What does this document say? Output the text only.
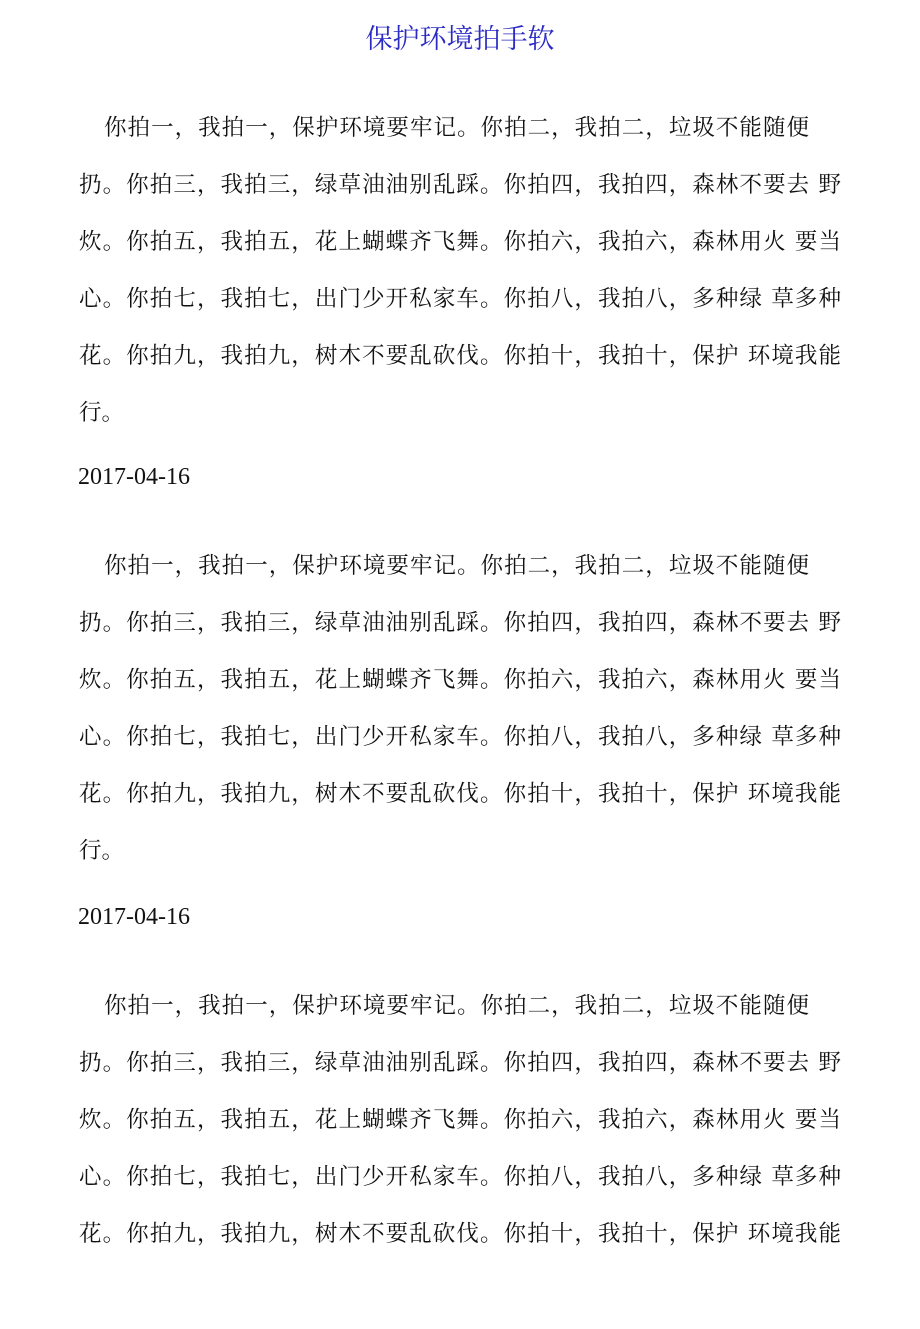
保护环境拍手软
你拍一，我拍一，保护环境要牢记。你拍二，我拍二，垃圾不能随便
扔。你拍三，我拍三，绿草油油别乱踩。你拍四，我拍四，森林不要去 野
炊。你拍五，我拍五，花上蝴蝶齐飞舞。你拍六，我拍六，森林用火 要当
心。你拍七，我拍七，出门少开私家车。你拍八，我拍八，多种绿 草多种
花。你拍九，我拍九，树木不要乱砍伐。你拍十，我拍十，保护 环境我能
行。
2017-04-16
你拍一，我拍一，保护环境要牢记。你拍二，我拍二，垃圾不能随便
扔。你拍三，我拍三，绿草油油别乱踩。你拍四，我拍四，森林不要去 野
炊。你拍五，我拍五，花上蝴蝶齐飞舞。你拍六，我拍六，森林用火 要当
心。你拍七，我拍七，出门少开私家车。你拍八，我拍八，多种绿 草多种
花。你拍九，我拍九，树木不要乱砍伐。你拍十，我拍十，保护 环境我能
行。
2017-04-16
你拍一，我拍一，保护环境要牢记。你拍二，我拍二，垃圾不能随便
扔。你拍三，我拍三，绿草油油别乱踩。你拍四，我拍四，森林不要去 野
炊。你拍五，我拍五，花上蝴蝶齐飞舞。你拍六，我拍六，森林用火 要当
心。你拍七，我拍七，出门少开私家车。你拍八，我拍八，多种绿 草多种
花。你拍九，我拍九，树木不要乱砍伐。你拍十，我拍十，保护 环境我能
